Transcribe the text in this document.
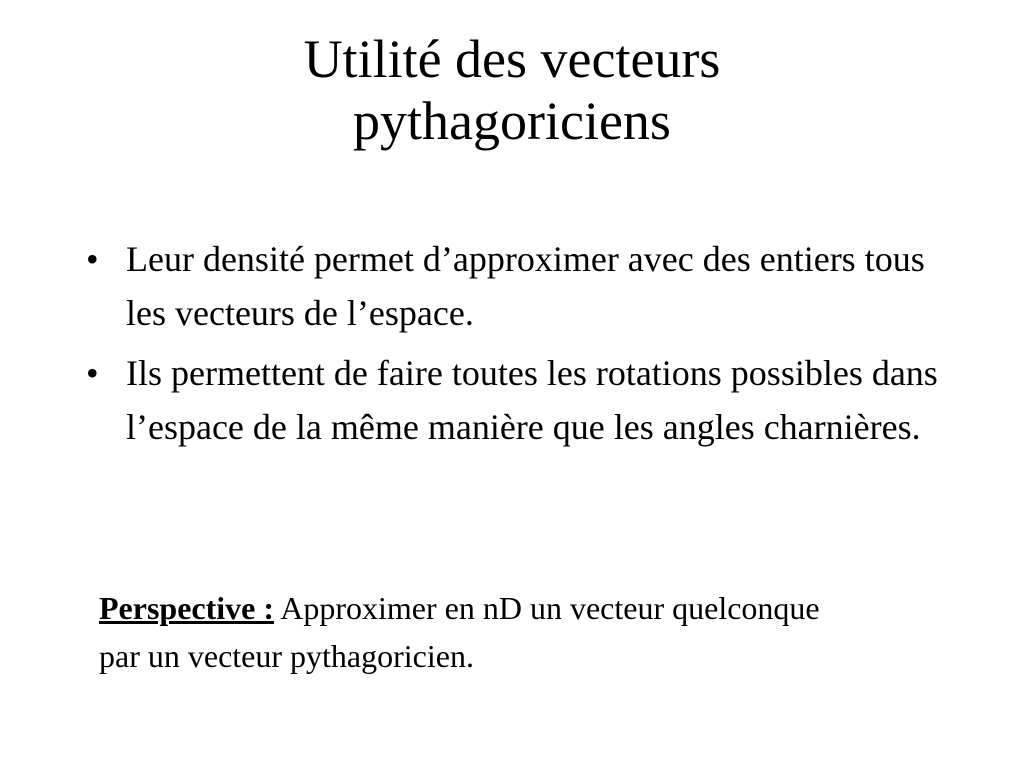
Utilité des vecteurs
pythagoriciens
• Leur densité permet d’approximer avec des entiers tous les vecteurs de l’espace.
• Ils permettent de faire toutes les rotations possibles dans l’espace de la même manière que les angles charnières.

Perspective : Approximer en nD un vecteur quelconque par un vecteur pythagoricien.
